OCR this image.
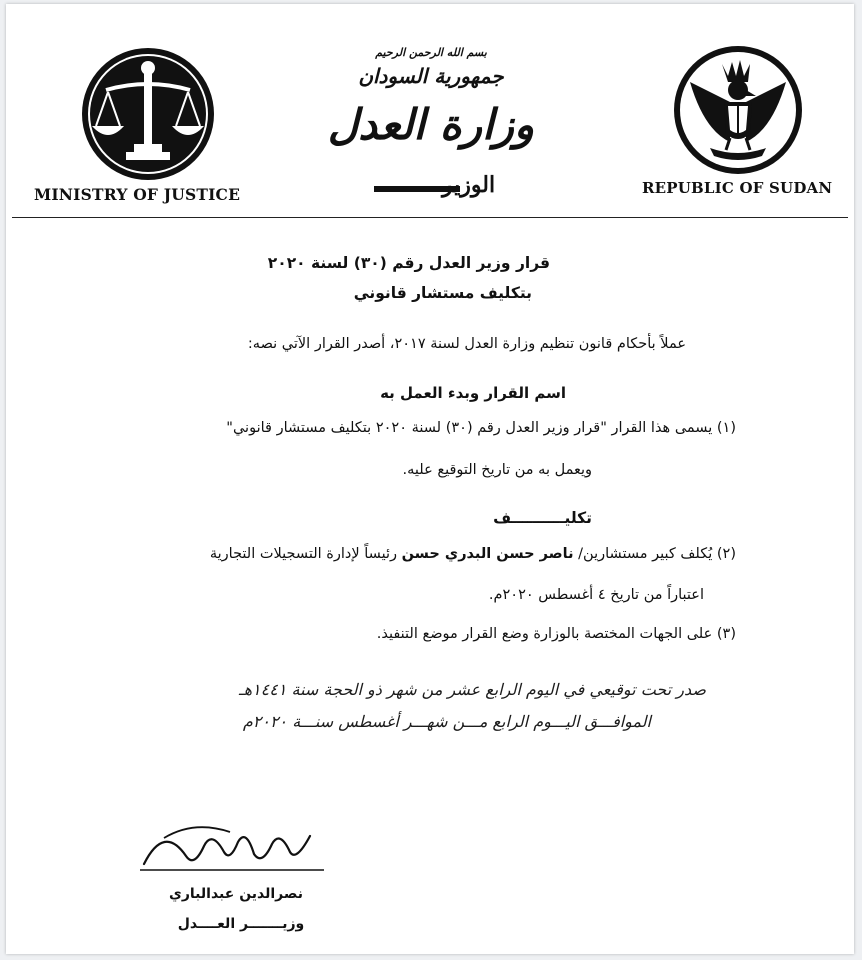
MINISTRY OF JUSTICE
بسم الله الرحمن الرحيم
جمهورية السودان
وزارة العدل
الوزير	REPUBLIC OF SUDAN
قرار وزير العدل رقم (٣٠) لسنة ٢٠٢٠
بتكليف مستشار قانوني
عملاً بأحكام قانون تنظيم وزارة العدل لسنة ٢٠١٧، أصدر القرار الآتي نصه:
اسم القرار وبدء العمل به
(١) يسمى هذا القرار "قرار وزير العدل رقم (٣٠) لسنة ٢٠٢٠ بتكليف مستشار قانوني"
ويعمل به من تاريخ التوقيع عليه.
تكليــــــــــف
(٢) يُكلف كبير مستشارين/ ناصر حسن البدري حسن رئيساً لإدارة التسجيلات التجارية
اعتباراً من تاريخ ٤ أغسطس ٢٠٢٠م.
(٣) على الجهات المختصة بالوزارة وضع القرار موضع التنفيذ.
صدر تحت توقيعي في اليوم الرابع عشر من شهر ذو الحجة سنة ١٤٤١هـ
الموافـــق اليـــوم الرابع مـــن شهـــر أغسطس سنـــة ٢٠٢٠م
نصرالدين عبدالباري
وزيـــــــر العــــدل
